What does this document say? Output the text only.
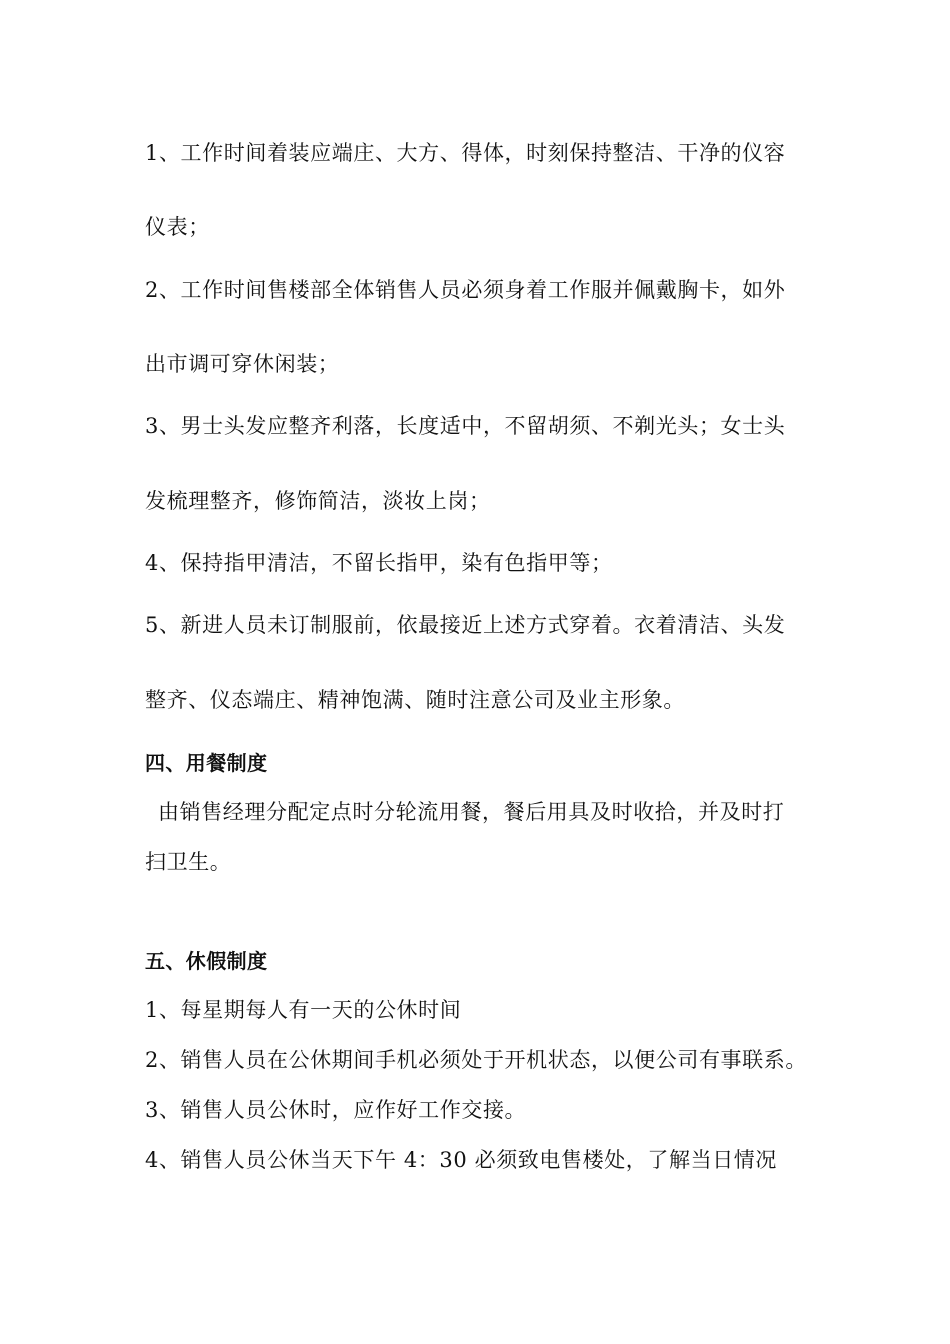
1、工作时间着装应端庄、大方、得体，时刻保持整洁、干净的仪容
仪表；
2、工作时间售楼部全体销售人员必须身着工作服并佩戴胸卡，如外
出市调可穿休闲装；
3、男士头发应整齐利落，长度适中，不留胡须、不剃光头；女士头
发梳理整齐，修饰简洁，淡妆上岗；
4、保持指甲清洁，不留长指甲，染有色指甲等；
5、新进人员未订制服前，依最接近上述方式穿着。衣着清洁、头发
整齐、仪态端庄、精神饱满、随时注意公司及业主形象。
四、用餐制度
由销售经理分配定点时分轮流用餐，餐后用具及时收拾，并及时打
扫卫生。
五、休假制度
1、每星期每人有一天的公休时间
2、销售人员在公休期间手机必须处于开机状态，以便公司有事联系。
3、销售人员公休时，应作好工作交接。
4、销售人员公休当天下午 4：30 必须致电售楼处，了解当日情况
